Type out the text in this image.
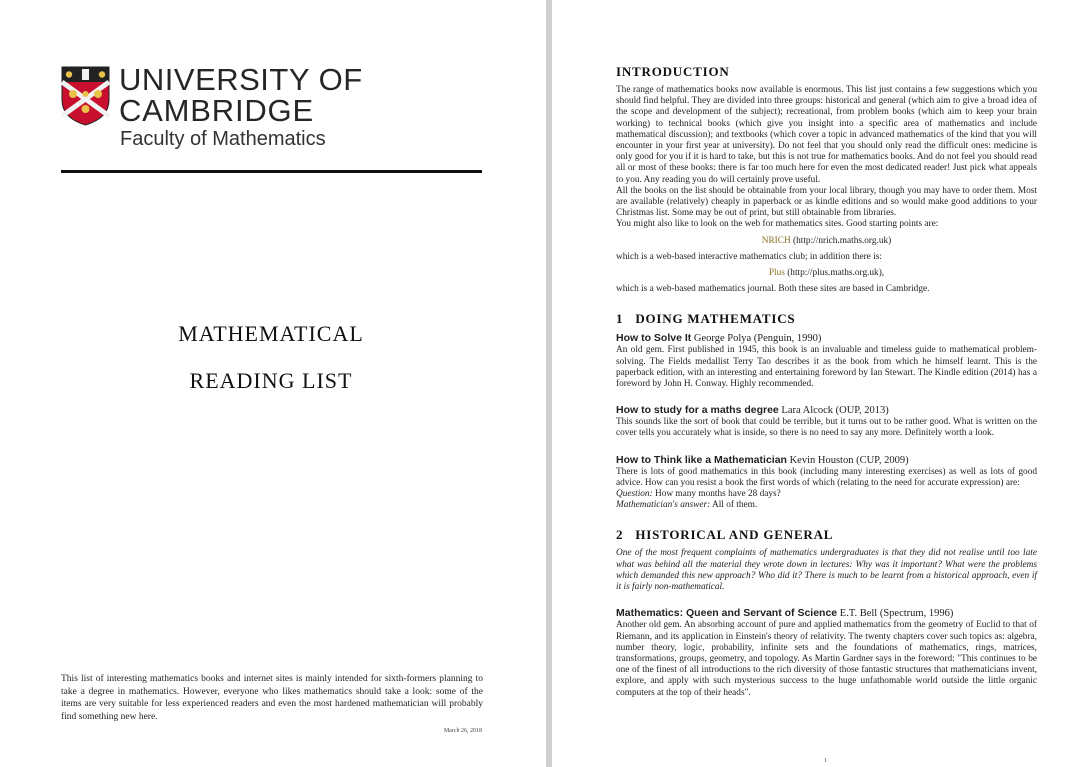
UNIVERSITY OF
CAMBRIDGE
Faculty of Mathematics
MATHEMATICAL
READING LIST
This list of interesting mathematics books and internet sites is mainly intended for sixth-formers planning to take a degree in mathematics. However, everyone who likes mathematics should take a look: some of the items are very suitable for less experienced readers and even the most hardened mathematician will probably find something new here.
March 26, 2018
INTRODUCTION

The range of mathematics books now available is enormous. This list just contains a few suggestions which you should find helpful. They are divided into three groups: historical and general (which aim to give a broad idea of the scope and development of the subject); recreational, from problem books (which aim to keep your brain working) to technical books (which give you insight into a specific area of mathematics and include mathematical discussion); and textbooks (which cover a topic in advanced mathematics of the kind that you will encounter in your first year at university). Do not feel that you should only read the difficult ones: medicine is only good for you if it is hard to take, but this is not true for mathematics books. And do not feel you should read all or most of these books: there is far too much here for even the most dedicated reader! Just pick what appeals to you. Any reading you do will certainly prove useful.

All the books on the list should be obtainable from your local library, though you may have to order them. Most are available (relatively) cheaply in paperback or as kindle editions and so would make good additions to your Christmas list. Some may be out of print, but still obtainable from libraries.

You might also like to look on the web for mathematics sites. Good starting points are:

NRICH (http://nrich.maths.org.uk)

which is a web-based interactive mathematics club; in addition there is:

Plus (http://plus.maths.org.uk),

which is a web-based mathematics journal. Both these sites are based in Cambridge.

1 DOING MATHEMATICS
How to Solve It George Polya (Penguin, 1990)

An old gem. First published in 1945, this book is an invaluable and timeless guide to mathematical problem-solving. The Fields medallist Terry Tao describes it as the book from which he himself learnt. This is the paperback edition, with an interesting and entertaining foreword by Ian Stewart. The Kindle edition (2014) has a foreword by John H. Conway. Highly recommended.

How to study for a maths degree Lara Alcock (OUP, 2013)

This sounds like the sort of book that could be terrible, but it turns out to be rather good. What is written on the cover tells you accurately what is inside, so there is no need to say any more. Definitely worth a look.

How to Think like a Mathematician Kevin Houston (CUP, 2009)

There is lots of good mathematics in this book (including many interesting exercises) as well as lots of good advice. How can you resist a book the first words of which (relating to the need for accurate expression) are:

Question: How many months have 28 days?

Mathematician's answer: All of them.

2 HISTORICAL AND GENERAL

One of the most frequent complaints of mathematics undergraduates is that they did not realise until too late what was behind all the material they wrote down in lectures: Why was it important? What were the problems which demanded this new approach? Who did it? There is much to be learnt from a historical approach, even if it is fairly non-mathematical.

Mathematics: Queen and Servant of Science E.T. Bell (Spectrum, 1996)

Another old gem. An absorbing account of pure and applied mathematics from the geometry of Euclid to that of Riemann, and its application in Einstein's theory of relativity. The twenty chapters cover such topics as: algebra, number theory, logic, probability, infinite sets and the foundations of mathematics, rings, matrices, transformations, groups, geometry, and topology. As Martin Gardner says in the foreword: "This continues to be one of the finest of all introductions to the rich diversity of those fantastic structures that mathematicians invent, explore, and apply with such mysterious success to the huge unfathomable world outside the little organic computers at the top of their heads".

1
